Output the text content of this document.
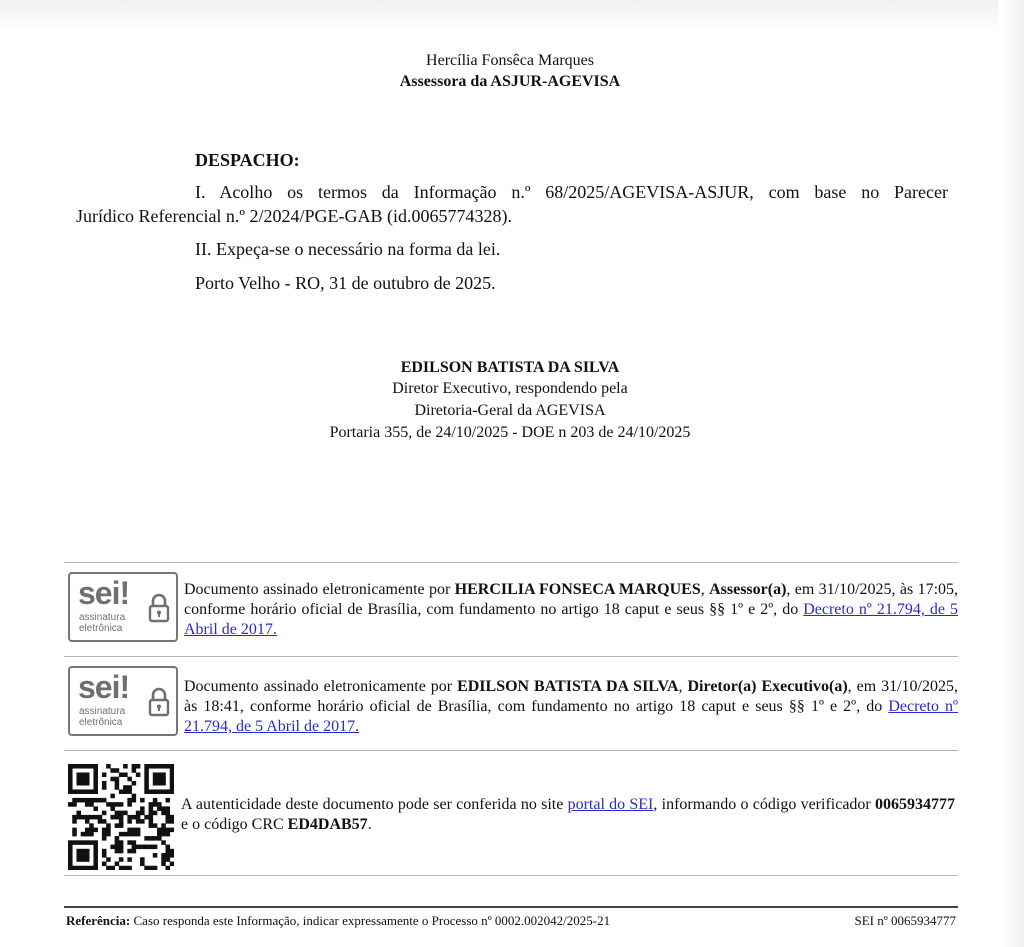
Hercília Fonsêca Marques
Assessora da ASJUR-AGEVISA
DESPACHO:
I. Acolho os termos da Informação n.º 68/2025/AGEVISA-ASJUR, com base no Parecer
Jurídico Referencial n.º 2/2024/PGE-GAB (id.0065774328).
II. Expeça-se o necessário na forma da lei.
Porto Velho - RO, 31 de outubro de 2025.
EDILSON BATISTA DA SILVA
Diretor Executivo, respondendo pela
Diretoria-Geral da AGEVISA
Portaria 355, de 24/10/2025 - DOE n 203 de 24/10/2025
sei!
assinatura
eletrônica
Documento assinado eletronicamente por HERCILIA FONSECA MARQUES, Assessor(a), em 31/10/2025, às 17:05, conforme horário oficial de Brasília, com fundamento no artigo 18 caput e seus §§ 1º e 2º, do Decreto nº 21.794, de 5 Abril de 2017.
sei!
assinatura
eletrônica
Documento assinado eletronicamente por EDILSON BATISTA DA SILVA, Diretor(a) Executivo(a), em 31/10/2025, às 18:41, conforme horário oficial de Brasília, com fundamento no artigo 18 caput e seus §§ 1º e 2º, do Decreto nº 21.794, de 5 Abril de 2017.
A autenticidade deste documento pode ser conferida no site portal do SEI, informando o código verificador 0065934777 e o código CRC ED4DAB57.
Referência: Caso responda este Informação, indicar expressamente o Processo nº 0002.002042/2025-21	SEI nº 0065934777
